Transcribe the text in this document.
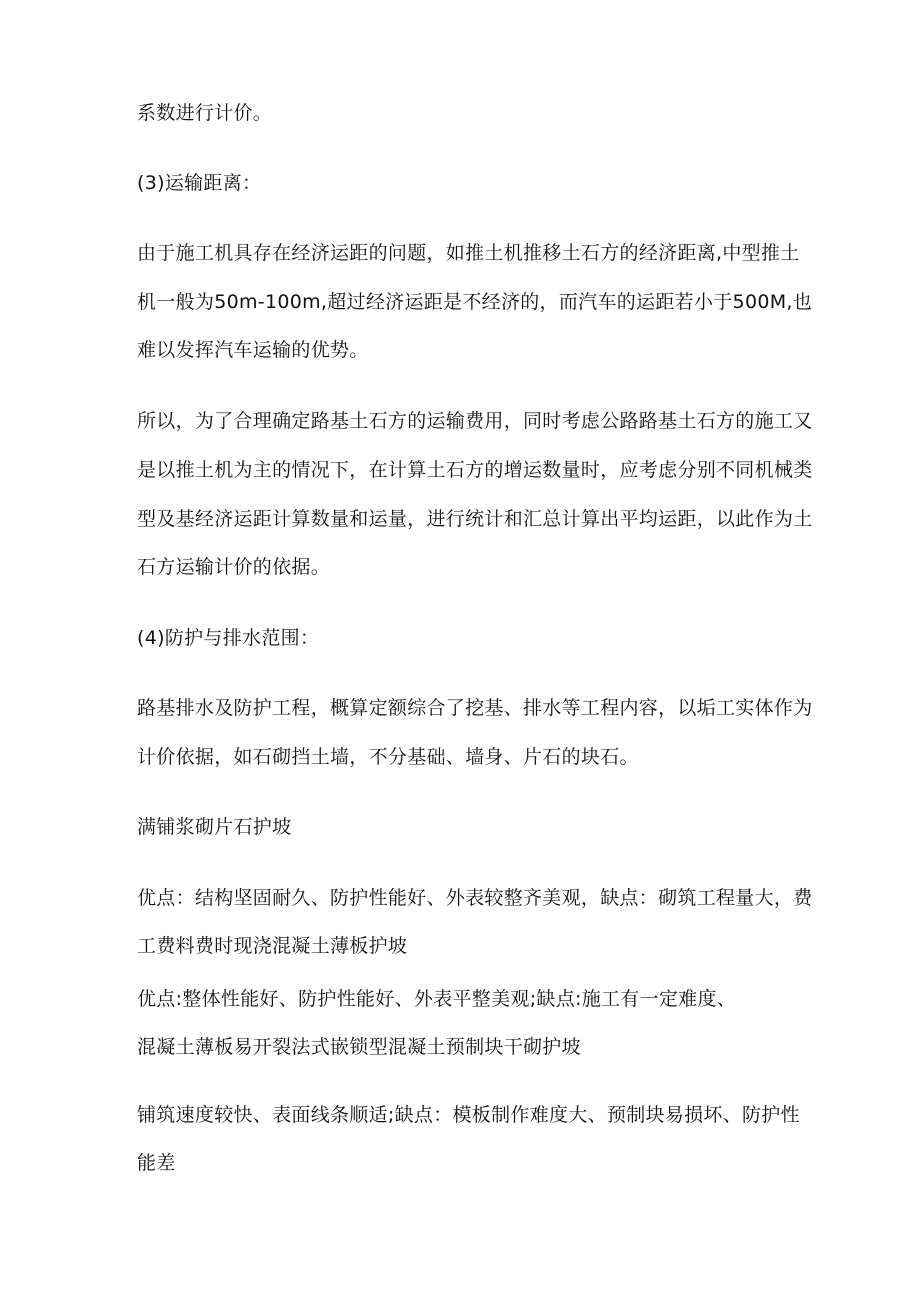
系数进行计价。
(3)运输距离：
由于施工机具存在经济运距的问题，如推土机推移土石方的经济距离,中型推土
机一般为50m-100m,超过经济运距是不经济的，而汽车的运距若小于500M,也
难以发挥汽车运输的优势。
所以，为了合理确定路基土石方的运输费用，同时考虑公路路基土石方的施工又
是以推土机为主的情况下，在计算土石方的增运数量时，应考虑分别不同机械类
型及基经济运距计算数量和运量，进行统计和汇总计算出平均运距，以此作为土
石方运输计价的依据。
(4)防护与排水范围：
路基排水及防护工程，概算定额综合了挖基、排水等工程内容，以垢工实体作为
计价依据，如石砌挡土墙，不分基础、墙身、片石的块石。
满铺浆砌片石护坡
优点：结构坚固耐久、防护性能好、外表较整齐美观，缺点：砌筑工程量大，费
工费料费时现浇混凝土薄板护坡
优点:整体性能好、防护性能好、外表平整美观;缺点:施工有一定难度、
混凝土薄板易开裂法式嵌锁型混凝土预制块干砌护坡
铺筑速度较快、表面线条顺适;缺点：模板制作难度大、预制块易损坏、防护性
能差
